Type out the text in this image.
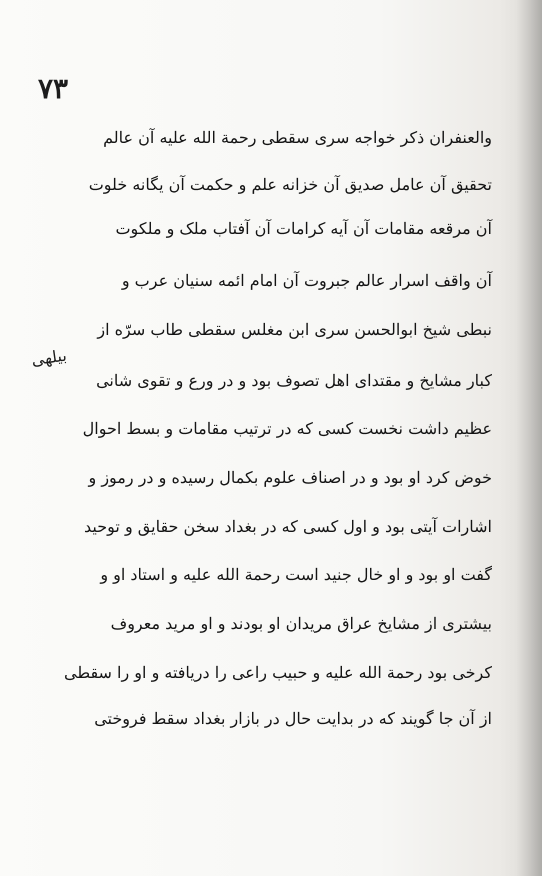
۷۳
بیلهی
والعنفران ذکر خواجه سری سقطی رحمة الله علیه آن عالم
تحقیق آن عامل صدیق آن خزانه علم و حکمت آن یگانه خلوت
آن مرقعه مقامات آن آیه کرامات آن آفتاب ملک و ملکوت
آن واقف اسرار عالم جبروت آن امام ائمه سنیان عرب و
نبطی شیخ ابوالحسن سری ابن مغلس سقطی طاب سرّه از
کبار مشایخ و مقتدای اهل تصوف بود و در ورع و تقوی شانی
عظیم داشت نخست کسی که در ترتیب مقامات و بسط احوال
خوض کرد او بود و در اصناف علوم بکمال رسیده و در رموز و
اشارات آیتی بود و اول کسی که در بغداد سخن حقایق و توحید
گفت او بود و او خال جنید است رحمة الله علیه و استاد او و
بیشتری از مشایخ عراق مریدان او بودند و او مرید معروف
کرخی بود رحمة الله علیه و حبیب راعی را دریافته و او را سقطی
از آن جا گویند که در بدایت حال در بازار بغداد سقط فروختی
